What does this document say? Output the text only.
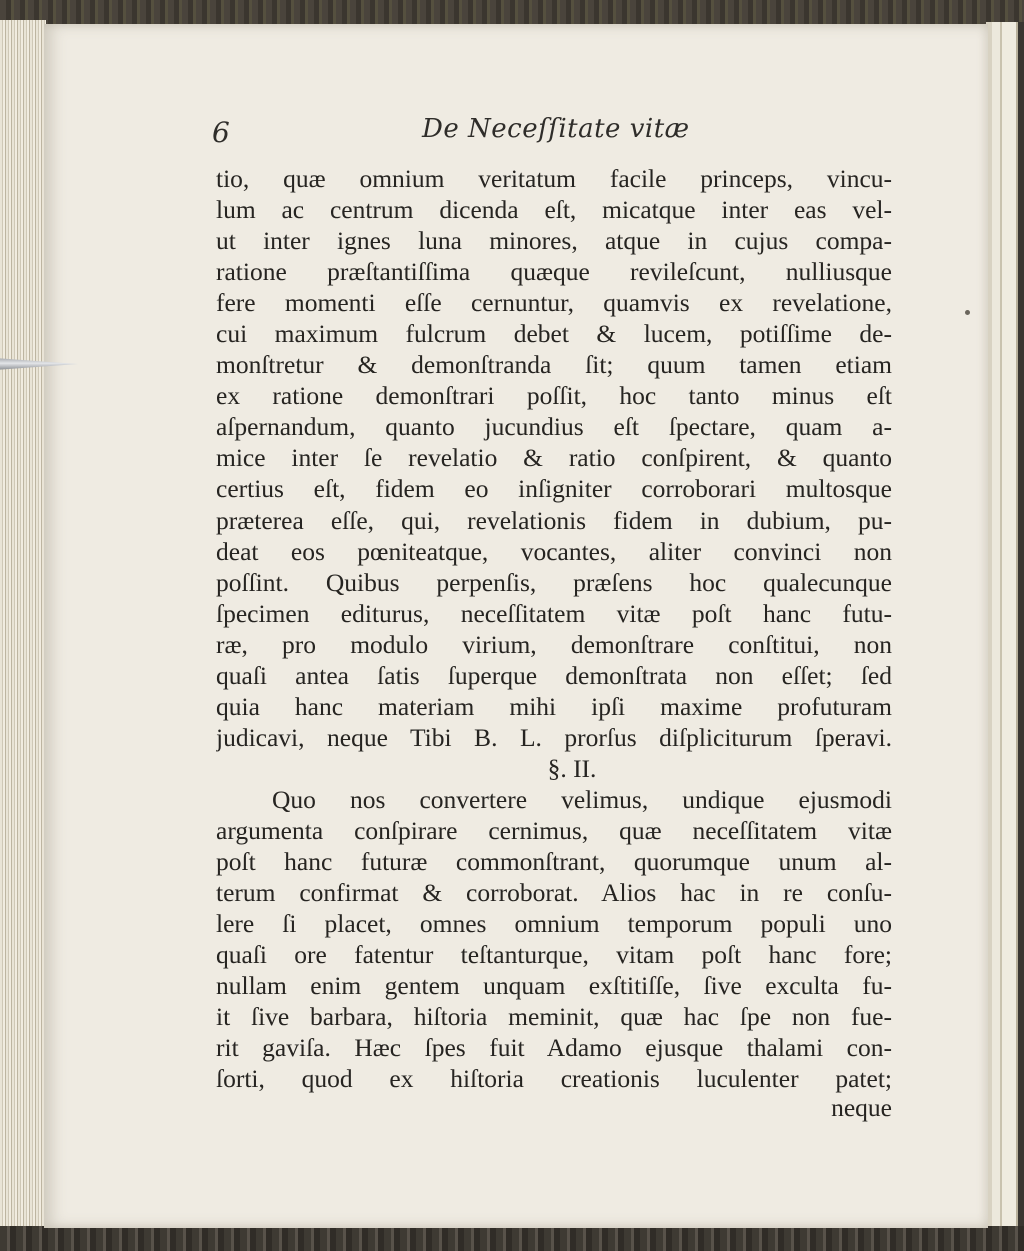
6	De Neceſſitate vitæ
tio, quæ omnium veritatum facile princeps, vincu-
lum ac centrum dicenda eſt, micatque inter eas vel-
ut inter ignes luna minores, atque in cujus compa-
ratione præſtantiſſima quæque revileſcunt, nulliusque
fere momenti eſſe cernuntur, quamvis ex revelatione,
cui maximum fulcrum debet & lucem, potiſſime de-
monſtretur & demonſtranda ſit; quum tamen etiam
ex ratione demonſtrari poſſit, hoc tanto minus eſt
aſpernandum, quanto jucundius eſt ſpectare, quam a-
mice inter ſe revelatio & ratio conſpirent, & quanto
certius eſt, fidem eo inſigniter corroborari multosque
præterea eſſe, qui, revelationis fidem in dubium, pu-
deat eos pœniteatque, vocantes, aliter convinci non
poſſint. Quibus perpenſis, præſens hoc qualecunque
ſpecimen editurus, neceſſitatem vitæ poſt hanc futu-
ræ, pro modulo virium, demonſtrare conſtitui, non
quaſi antea ſatis ſuperque demonſtrata non eſſet; ſed
quia hanc materiam mihi ipſi maxime profuturam
judicavi, neque Tibi B. L. prorſus diſpliciturum ſperavi.
§. II.
Quo nos convertere velimus, undique ejusmodi
argumenta conſpirare cernimus, quæ neceſſitatem vitæ
poſt hanc futuræ commonſtrant, quorumque unum al-
terum confirmat & corroborat. Alios hac in re conſu-
lere ſi placet, omnes omnium temporum populi uno
quaſi ore fatentur teſtanturque, vitam poſt hanc fore;
nullam enim gentem unquam exſtitiſſe, ſive exculta fu-
it ſive barbara, hiſtoria meminit, quæ hac ſpe non fue-
rit gaviſa. Hæc ſpes fuit Adamo ejusque thalami con-
ſorti, quod ex hiſtoria creationis luculenter patet;
neque
